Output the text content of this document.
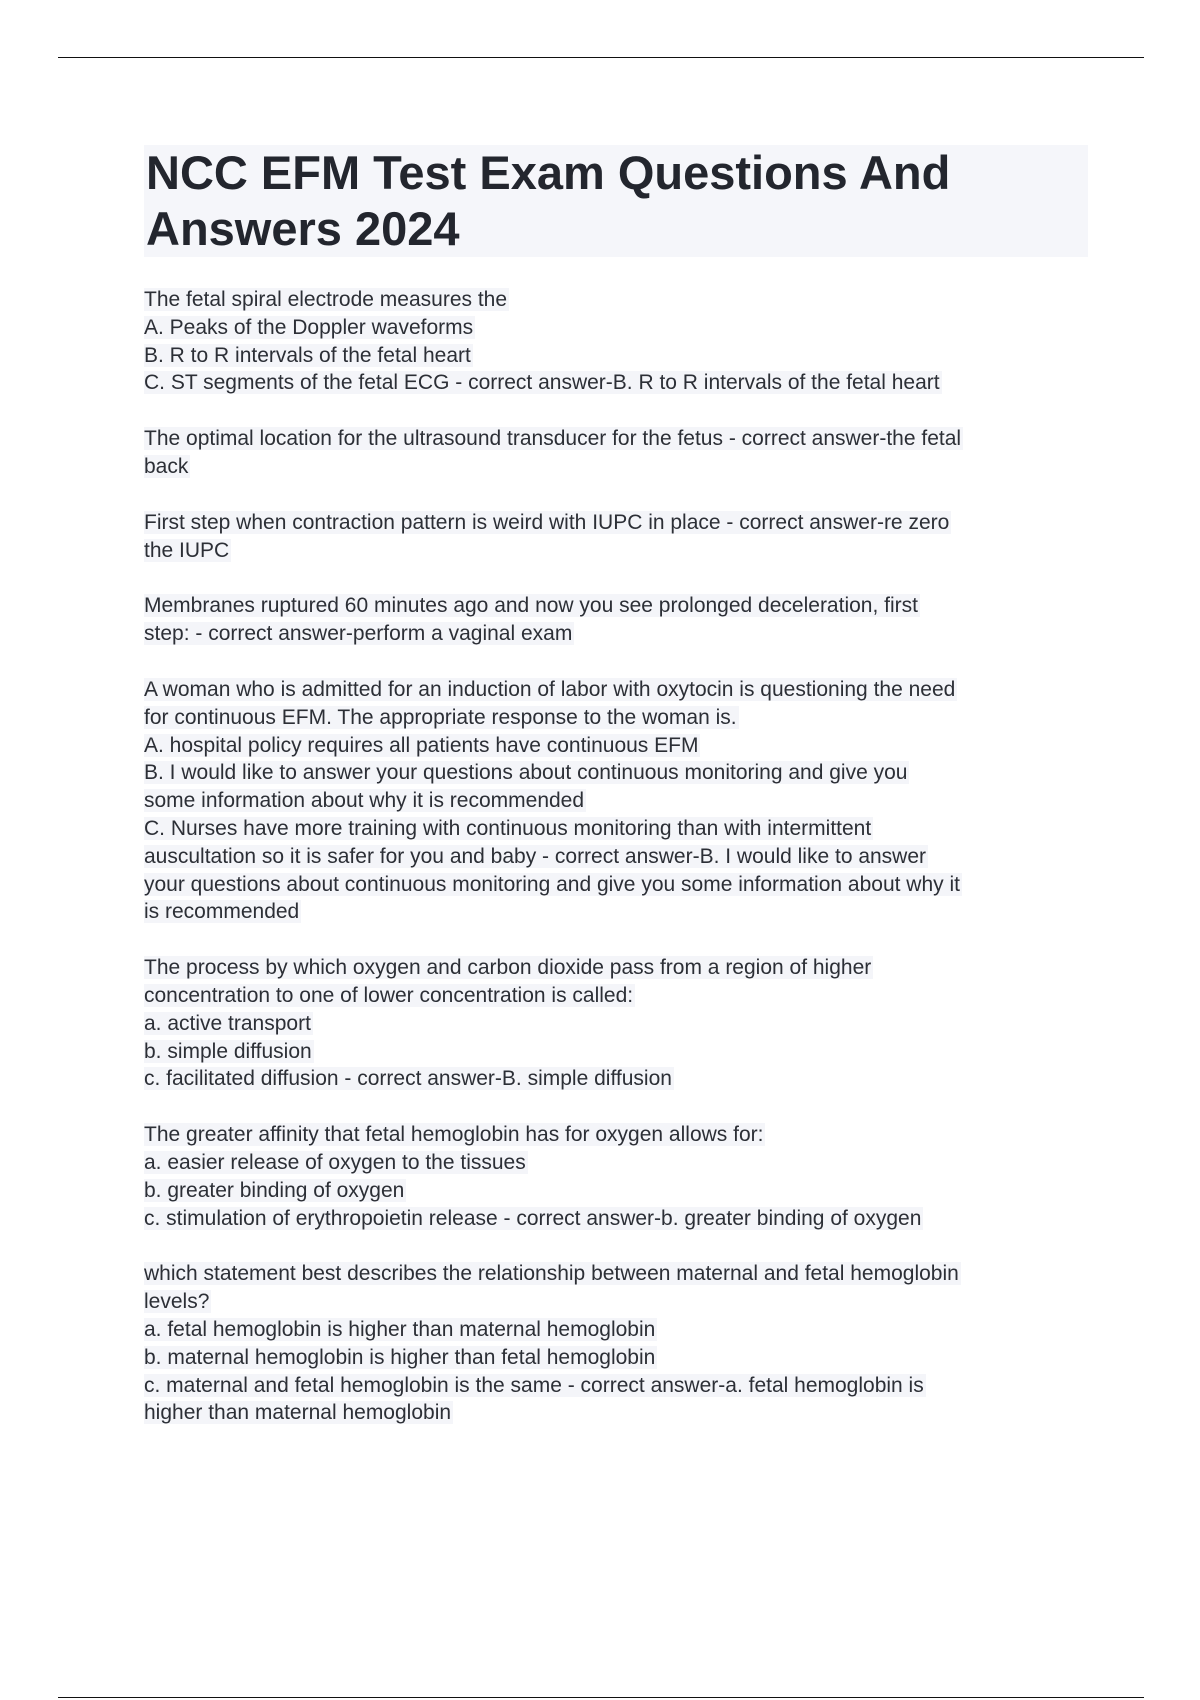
NCC EFM Test Exam Questions And
Answers 2024
The fetal spiral electrode measures the
A. Peaks of the Doppler waveforms
B. R to R intervals of the fetal heart
C. ST segments of the fetal ECG - correct answer-B. R to R intervals of the fetal heart
The optimal location for the ultrasound transducer for the fetus - correct answer-the fetal
back
First step when contraction pattern is weird with IUPC in place - correct answer-re zero
the IUPC
Membranes ruptured 60 minutes ago and now you see prolonged deceleration, first
step: - correct answer-perform a vaginal exam
A woman who is admitted for an induction of labor with oxytocin is questioning the need
for continuous EFM. The appropriate response to the woman is.
A. hospital policy requires all patients have continuous EFM
B. I would like to answer your questions about continuous monitoring and give you
some information about why it is recommended
C. Nurses have more training with continuous monitoring than with intermittent
auscultation so it is safer for you and baby - correct answer-B. I would like to answer
your questions about continuous monitoring and give you some information about why it
is recommended
The process by which oxygen and carbon dioxide pass from a region of higher
concentration to one of lower concentration is called:
a. active transport
b. simple diffusion
c. facilitated diffusion - correct answer-B. simple diffusion
The greater affinity that fetal hemoglobin has for oxygen allows for:
a. easier release of oxygen to the tissues
b. greater binding of oxygen
c. stimulation of erythropoietin release - correct answer-b. greater binding of oxygen
which statement best describes the relationship between maternal and fetal hemoglobin
levels?
a. fetal hemoglobin is higher than maternal hemoglobin
b. maternal hemoglobin is higher than fetal hemoglobin
c. maternal and fetal hemoglobin is the same - correct answer-a. fetal hemoglobin is
higher than maternal hemoglobin
